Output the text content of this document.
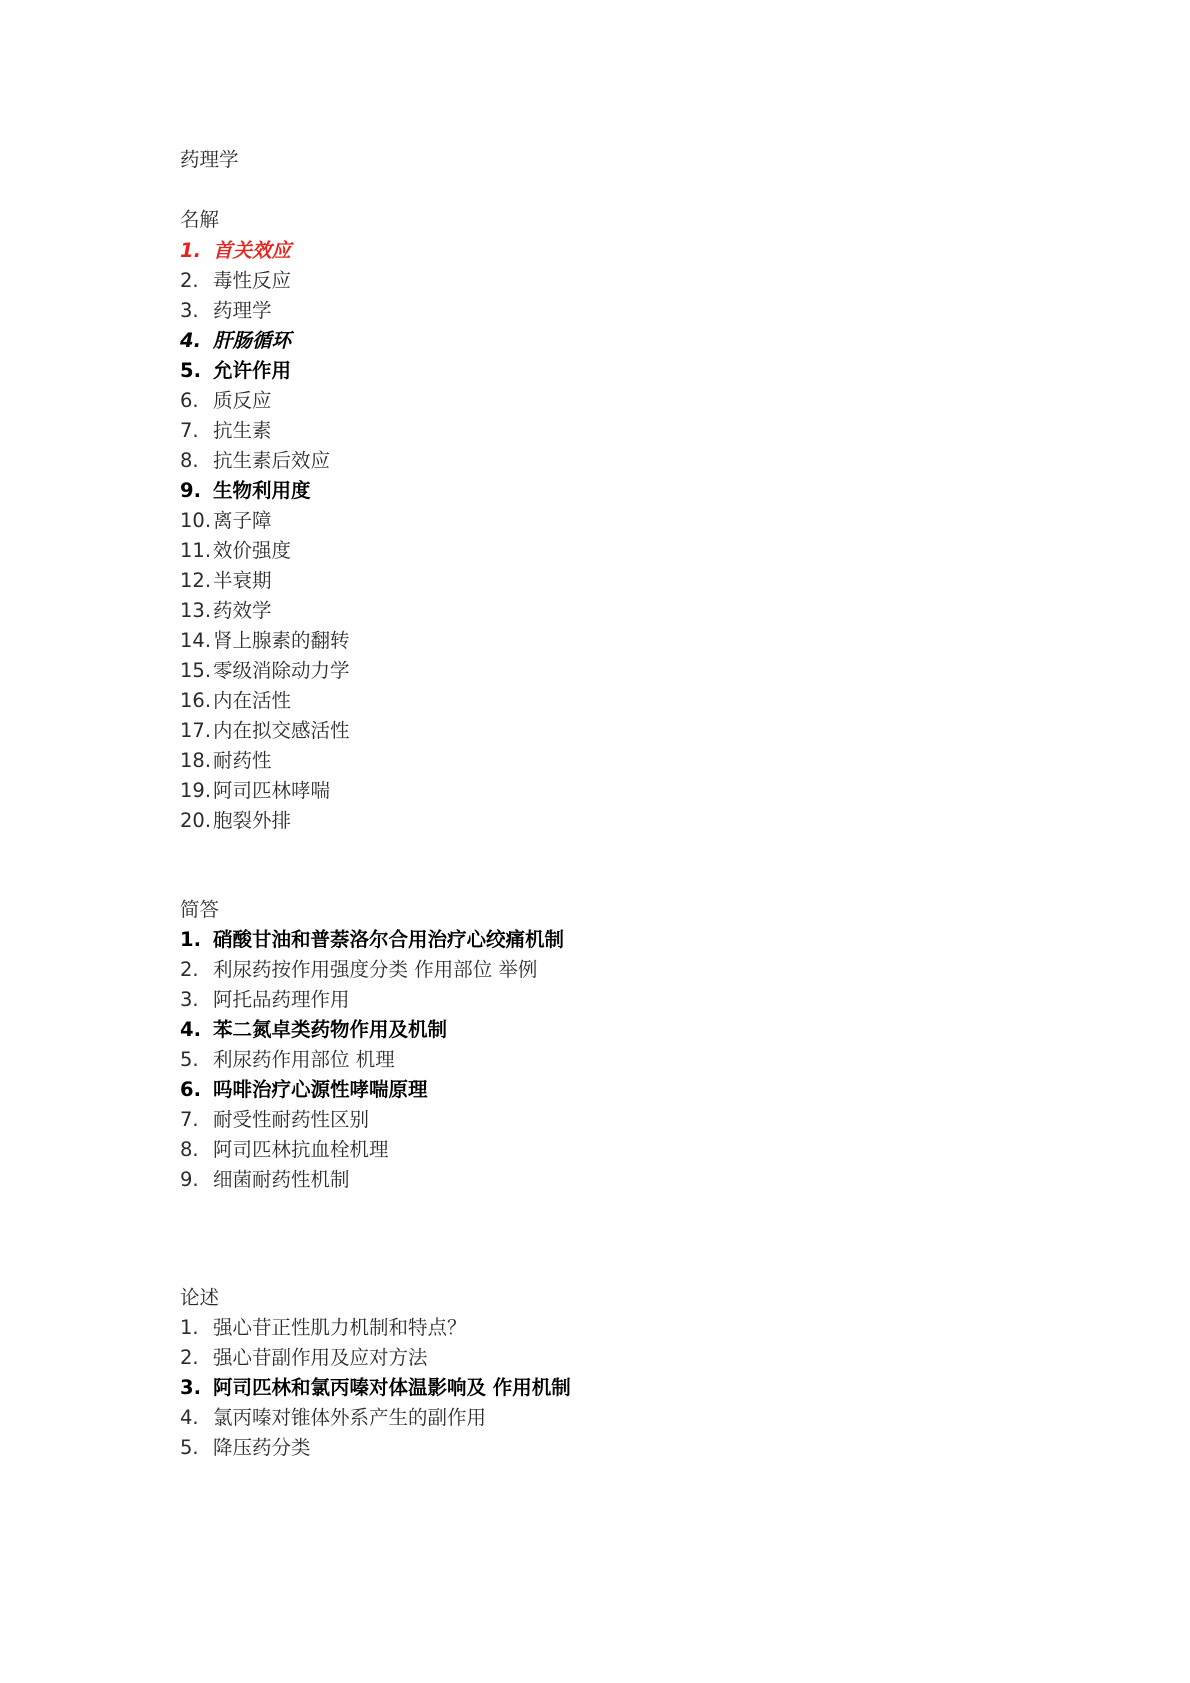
药理学
名解
1. 首关效应
2. 毒性反应
3. 药理学
4. 肝肠循环
5. 允许作用
6. 质反应
7. 抗生素
8. 抗生素后效应
9. 生物利用度
10. 离子障
11. 效价强度
12. 半衰期
13. 药效学
14. 肾上腺素的翻转
15. 零级消除动力学
16. 内在活性
17. 内在拟交感活性
18. 耐药性
19. 阿司匹林哮喘
20. 胞裂外排
简答
1. 硝酸甘油和普萘洛尔合用治疗心绞痛机制
2. 利尿药按作用强度分类 作用部位 举例
3. 阿托品药理作用
4. 苯二氮卓类药物作用及机制
5. 利尿药作用部位 机理
6. 吗啡治疗心源性哮喘原理
7. 耐受性耐药性区别
8. 阿司匹林抗血栓机理
9. 细菌耐药性机制
论述
1. 强心苷正性肌力机制和特点？
2. 强心苷副作用及应对方法
3. 阿司匹林和氯丙嗪对体温影响及 作用机制
4. 氯丙嗪对锥体外系产生的副作用
5. 降压药分类
